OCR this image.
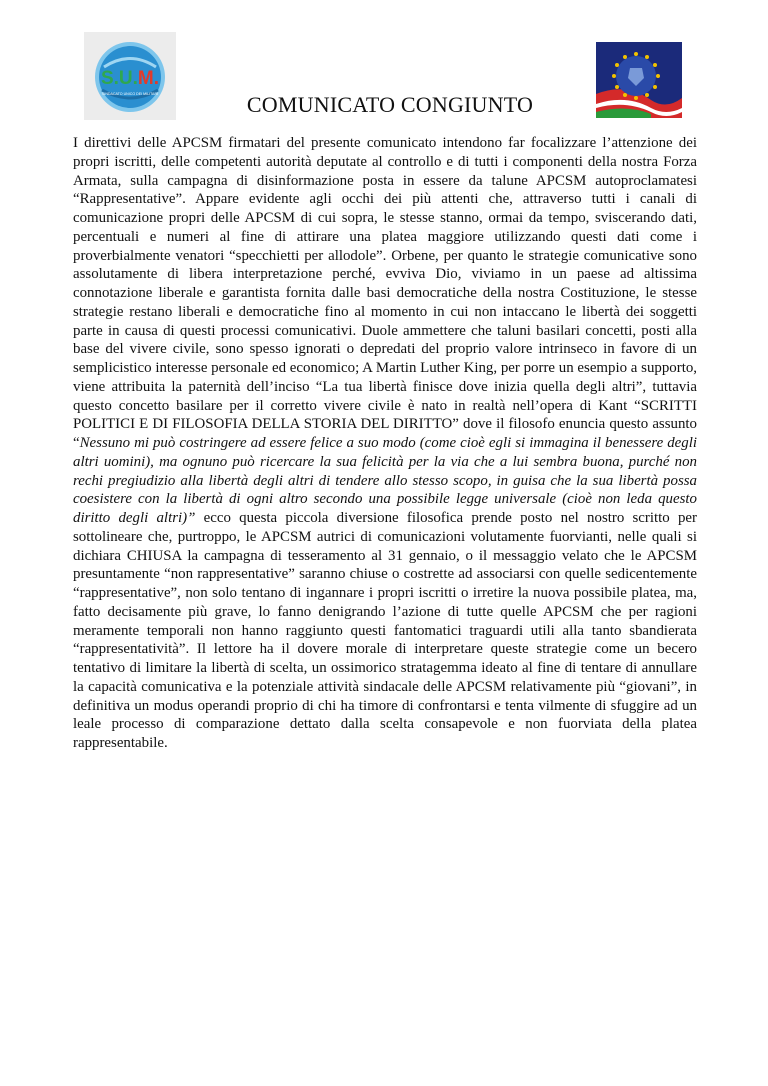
S.U.M.
SINDACATO UNICO DEI MILITARI	COMUNICATO CONGIUNTO
I direttivi delle APCSM firmatari del presente comunicato intendono far focalizzare l’attenzione dei propri iscritti, delle competenti autorità deputate al controllo e di tutti i componenti della nostra Forza Armata, sulla campagna di disinformazione posta in essere da talune APCSM autoproclamatesi “Rappresentative”. Appare evidente agli occhi dei più attenti che, attraverso tutti i canali di comunicazione propri delle APCSM di cui sopra, le stesse stanno, ormai da tempo, sviscerando dati, percentuali e numeri al fine di attirare una platea maggiore utilizzando questi dati come i proverbialmente venatori “specchietti per allodole”. Orbene, per quanto le strategie comunicative sono assolutamente di libera interpretazione perché, evviva Dio, viviamo in un paese ad altissima connotazione liberale e garantista fornita dalle basi democratiche della nostra Costituzione, le stesse strategie restano liberali e democratiche fino al momento in cui non intaccano le libertà dei soggetti parte in causa di questi processi comunicativi. Duole ammettere che taluni basilari concetti, posti alla base del vivere civile, sono spesso ignorati o depredati del proprio valore intrinseco in favore di un semplicistico interesse personale ed economico; A Martin Luther King, per porre un esempio a supporto, viene attribuita la paternità dell’inciso “La tua libertà finisce dove inizia quella degli altri”, tuttavia questo concetto basilare per il corretto vivere civile è nato in realtà nell’opera di Kant “SCRITTI POLITICI E DI FILOSOFIA DELLA STORIA DEL DIRITTO” dove il filosofo enuncia questo assunto “Nessuno mi può costringere ad essere felice a suo modo (come cioè egli si immagina il benessere degli altri uomini), ma ognuno può ricercare la sua felicità per la via che a lui sembra buona, purché non rechi pregiudizio alla libertà degli altri di tendere allo stesso scopo, in guisa che la sua libertà possa coesistere con la libertà di ogni altro secondo una possibile legge universale (cioè non leda questo diritto degli altri)” ecco questa piccola diversione filosofica prende posto nel nostro scritto per sottolineare che, purtroppo, le APCSM autrici di comunicazioni volutamente fuorvianti, nelle quali si dichiara CHIUSA la campagna di tesseramento al 31 gennaio, o il messaggio velato che le APCSM presuntamente “non rappresentative” saranno chiuse o costrette ad associarsi con quelle sedicentemente “rappresentative”, non solo tentano di ingannare i propri iscritti o irretire la nuova possibile platea, ma, fatto decisamente più grave, lo fanno denigrando l’azione di tutte quelle APCSM che per ragioni meramente temporali non hanno raggiunto questi fantomatici traguardi utili alla tanto sbandierata “rappresentatività”. Il lettore ha il dovere morale di interpretare queste strategie come un becero tentativo di limitare la libertà di scelta, un ossimorico stratagemma ideato al fine di tentare di annullare la capacità comunicativa e la potenziale attività sindacale delle APCSM relativamente più “giovani”, in definitiva un modus operandi proprio di chi ha timore di confrontarsi e tenta vilmente di sfuggire ad un leale processo di comparazione dettato dalla scelta consapevole e non fuorviata della platea rappresentabile.
